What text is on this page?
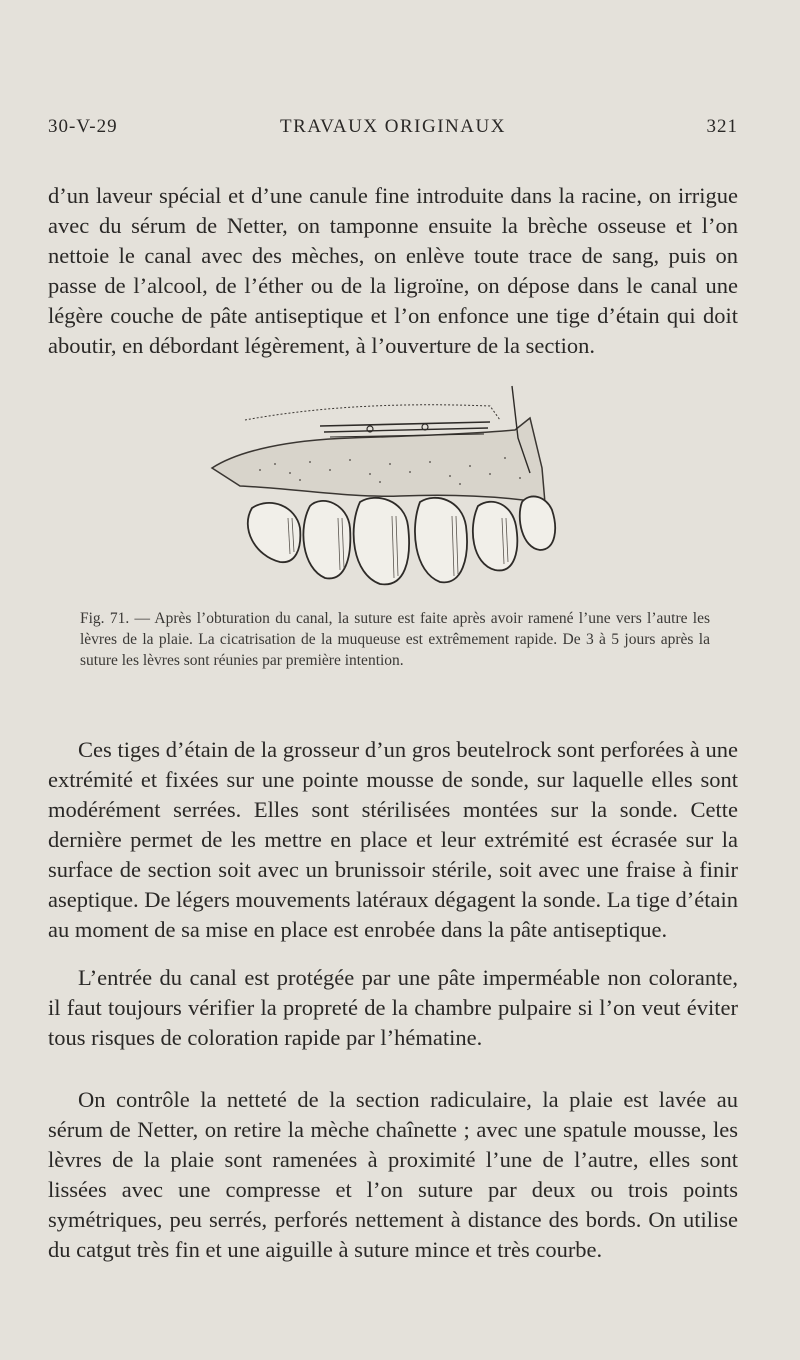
30-V-29	TRAVAUX ORIGINAUX	321

d’un laveur spécial et d’une canule fine introduite dans la racine, on irrigue avec du sérum de Netter, on tamponne ensuite la brèche osseuse et l’on nettoie le canal avec des mèches, on enlève toute trace de sang, puis on passe de l’alcool, de l’éther ou de la ligroïne, on dépose dans le canal une légère couche de pâte antiseptique et l’on enfonce une tige d’étain qui doit aboutir, en débordant légèrement, à l’ouverture de la section.

Fig. 71. — Après l’obturation du canal, la suture est faite après avoir ramené l’une vers l’autre les lèvres de la plaie. La cicatrisation de la muqueuse est extrêmement rapide. De 3 à 5 jours après la suture les lèvres sont réunies par première intention.

Ces tiges d’étain de la grosseur d’un gros beutelrock sont perforées à une extrémité et fixées sur une pointe mousse de sonde, sur laquelle elles sont modérément serrées. Elles sont stérilisées montées sur la sonde. Cette dernière permet de les mettre en place et leur extrémité est écrasée sur la surface de section soit avec un brunissoir stérile, soit avec une fraise à finir aseptique. De légers mouvements latéraux dégagent la sonde. La tige d’étain au moment de sa mise en place est enrobée dans la pâte antiseptique.

L’entrée du canal est protégée par une pâte imperméable non colorante, il faut toujours vérifier la propreté de la chambre pulpaire si l’on veut éviter tous risques de coloration rapide par l’hématine.

On contrôle la netteté de la section radiculaire, la plaie est lavée au sérum de Netter, on retire la mèche chaînette ; avec une spatule mousse, les lèvres de la plaie sont ramenées à proximité l’une de l’autre, elles sont lissées avec une compresse et l’on suture par deux ou trois points symétriques, peu serrés, perforés nettement à distance des bords. On utilise du catgut très fin et une aiguille à suture mince et très courbe.
